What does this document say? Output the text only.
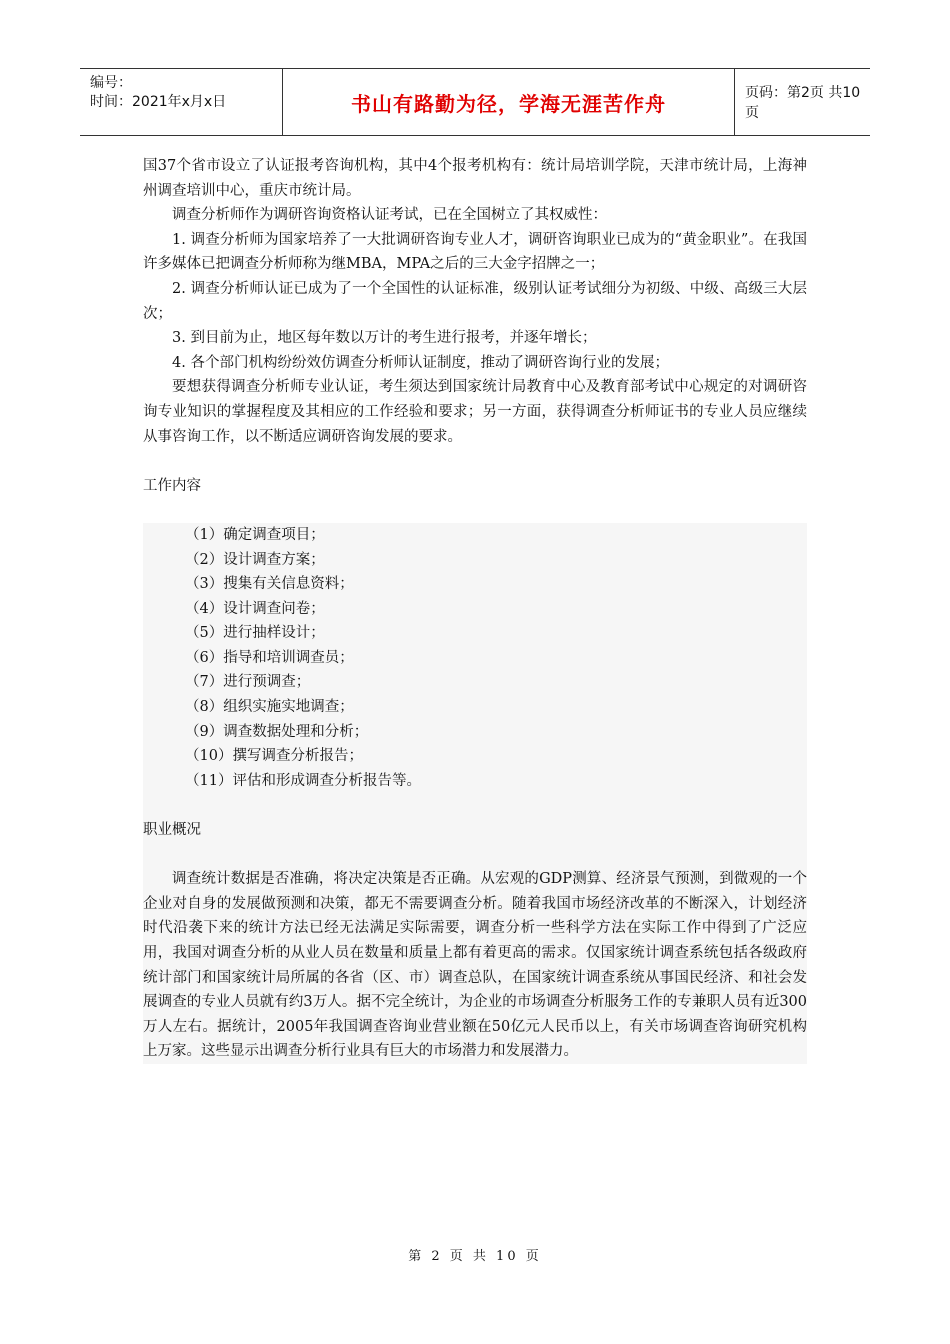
编号：
时间：2021年x月x日	书山有路勤为径，学海无涯苦作舟	页码：第2页 共10页

国37个省市设立了认证报考咨询机构，其中4个报考机构有：统计局培训学院，天津市统计局，上海神州调查培训中心，重庆市统计局。

调查分析师作为调研咨询资格认证考试，已在全国树立了其权威性：

1. 调查分析师为国家培养了一大批调研咨询专业人才，调研咨询职业已成为的“黄金职业”。在我国许多媒体已把调查分析师称为继MBA，MPA之后的三大金字招牌之一；

2. 调查分析师认证已成为了一个全国性的认证标准，级别认证考试细分为初级、中级、高级三大层次；

3. 到目前为止，地区每年数以万计的考生进行报考，并逐年增长；

4. 各个部门机构纷纷效仿调查分析师认证制度，推动了调研咨询行业的发展；

要想获得调查分析师专业认证，考生须达到国家统计局教育中心及教育部考试中心规定的对调研咨询专业知识的掌握程度及其相应的工作经验和要求；另一方面，获得调查分析师证书的专业人员应继续从事咨询工作，以不断适应调研咨询发展的要求。

工作内容

（1）确定调查项目；

（2）设计调查方案；

（3）搜集有关信息资料；

（4）设计调查问卷；

（5）进行抽样设计；

（6）指导和培训调查员；

（7）进行预调查；

（8）组织实施实地调查；

（9）调查数据处理和分析；

（10）撰写调查分析报告；

（11）评估和形成调查分析报告等。

职业概况

调查统计数据是否准确，将决定决策是否正确。从宏观的GDP测算、经济景气预测，到微观的一个企业对自身的发展做预测和决策，都无不需要调查分析。随着我国市场经济改革的不断深入，计划经济时代沿袭下来的统计方法已经无法满足实际需要，调查分析一些科学方法在实际工作中得到了广泛应用，我国对调查分析的从业人员在数量和质量上都有着更高的需求。仅国家统计调查系统包括各级政府统计部门和国家统计局所属的各省（区、市）调查总队，在国家统计调查系统从事国民经济、和社会发展调查的专业人员就有约3万人。据不完全统计，为企业的市场调查分析服务工作的专兼职人员有近300万人左右。据统计，2005年我国调查咨询业营业额在50亿元人民币以上，有关市场调查咨询研究机构上万家。这些显示出调查分析行业具有巨大的市场潜力和发展潜力。

第 2 页 共 10 页
